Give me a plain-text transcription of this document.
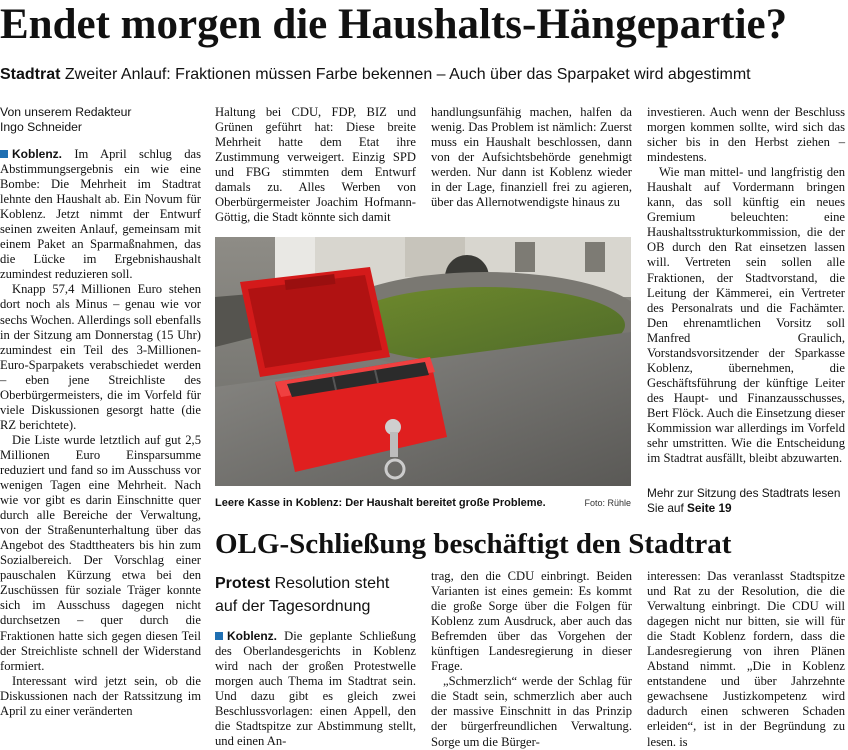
Endet morgen die Haushalts-Hängepartie?
Stadtrat Zweiter Anlauf: Fraktionen müssen Farbe bekennen – Auch über das Sparpaket wird abgestimmt
Von unserem Redakteur
Ingo Schneider

Koblenz. Im April schlug das Abstimmungsergebnis ein wie eine Bombe: Die Mehrheit im Stadtrat lehnte den Haushalt ab. Ein Novum für Koblenz. Jetzt nimmt der Entwurf seinen zweiten Anlauf, gemeinsam mit einem Paket an Sparmaßnahmen, das die Lücke im Ergebnishaushalt zumindest reduzieren soll.

Knapp 57,4 Millionen Euro stehen dort noch als Minus – genau wie vor sechs Wochen. Allerdings soll ebenfalls in der Sitzung am Donnerstag (15 Uhr) zumindest ein Teil des 3-Millionen-Euro-Sparpakets verabschiedet werden – eben jene Streichliste des Oberbürgermeisters, die im Vorfeld für viele Diskussionen gesorgt hatte (die RZ berichtete).

Die Liste wurde letztlich auf gut 2,5 Millionen Euro Einsparsumme reduziert und fand so im Ausschuss vor wenigen Tagen eine Mehrheit. Nach wie vor gibt es darin Einschnitte quer durch alle Bereiche der Verwaltung, von der Straßenunterhaltung über das Angebot des Stadttheaters bis hin zum Sozialbereich. Der Vorschlag einer pauschalen Kürzung etwa bei den Zuschüssen für soziale Träger konnte sich im Ausschuss dagegen nicht durchsetzen – quer durch die Fraktionen hatte sich gegen diesen Teil der Streichliste schnell der Widerstand formiert.

Interessant wird jetzt sein, ob die Diskussionen nach der Ratssitzung im April zu einer veränderten

Haltung bei CDU, FDP, BIZ und Grünen geführt hat: Diese breite Mehrheit hatte dem Etat ihre Zustimmung verweigert. Einzig SPD und FBG stimmten dem Entwurf damals zu. Alles Werben von Oberbürgermeister Joachim Hofmann-Göttig, die Stadt könnte sich damit

handlungsunfähig machen, halfen da wenig. Das Problem ist nämlich: Zuerst muss ein Haushalt beschlossen, dann von der Aufsichtsbehörde genehmigt werden. Nur dann ist Koblenz wieder in der Lage, finanziell frei zu agieren, über das Allernotwendigste hinaus zu

investieren. Auch wenn der Beschluss morgen kommen sollte, wird sich das sicher bis in den Herbst ziehen – mindestens.

Wie man mittel- und langfristig den Haushalt auf Vordermann bringen kann, das soll künftig ein neues Gremium beleuchten: eine Haushaltsstrukturkommission, die der OB durch den Rat einsetzen lassen will. Vertreten sein sollen alle Fraktionen, der Stadtvorstand, die Leitung der Kämmerei, ein Vertreter des Personalrats und die Fachämter. Den ehrenamtlichen Vorsitz soll Manfred Graulich, Vorstandsvorsitzender der Sparkasse Koblenz, übernehmen, die Geschäftsführung der künftige Leiter des Haupt- und Finanzausschusses, Bert Flöck. Auch die Einsetzung dieser Kommission war allerdings im Vorfeld sehr umstritten. Wie die Entscheidung im Stadtrat ausfällt, bleibt abzuwarten.

Leere Kasse in Koblenz: Der Haushalt bereitet große Probleme.	Foto: Rühle
Mehr zur Sitzung des Stadtrats lesen Sie auf Seite 19
OLG-Schließung beschäftigt den Stadtrat
Protest Resolution steht auf der Tagesordnung

Koblenz. Die geplante Schließung des Oberlandesgerichts in Koblenz wird nach der großen Protestwelle morgen auch Thema im Stadtrat sein. Und dazu gibt es gleich zwei Beschlussvorlagen: einen Appell, den die Stadtspitze zur Abstimmung stellt, und einen An-

trag, den die CDU einbringt. Beiden Varianten ist eines gemein: Es kommt die große Sorge über die Folgen für Koblenz zum Ausdruck, aber auch das Befremden über das Vorgehen der künftigen Landesregierung in dieser Frage.

„Schmerzlich“ werde der Schlag für die Stadt sein, schmerzlich aber auch der massive Einschnitt in das Prinzip der bürgerfreundlichen Verwaltung. Sorge um die Bürger-

interessen: Das veranlasst Stadtspitze und Rat zu der Resolution, die die Verwaltung einbringt. Die CDU will dagegen nicht nur bitten, sie will für die Stadt Koblenz fordern, dass die Landesregierung von ihren Plänen Abstand nimmt. „Die in Koblenz entstandene und über Jahrzehnte gewachsene Justizkompetenz wird dadurch einen schweren Schaden erleiden“, ist in der Begründung zu lesen. is
